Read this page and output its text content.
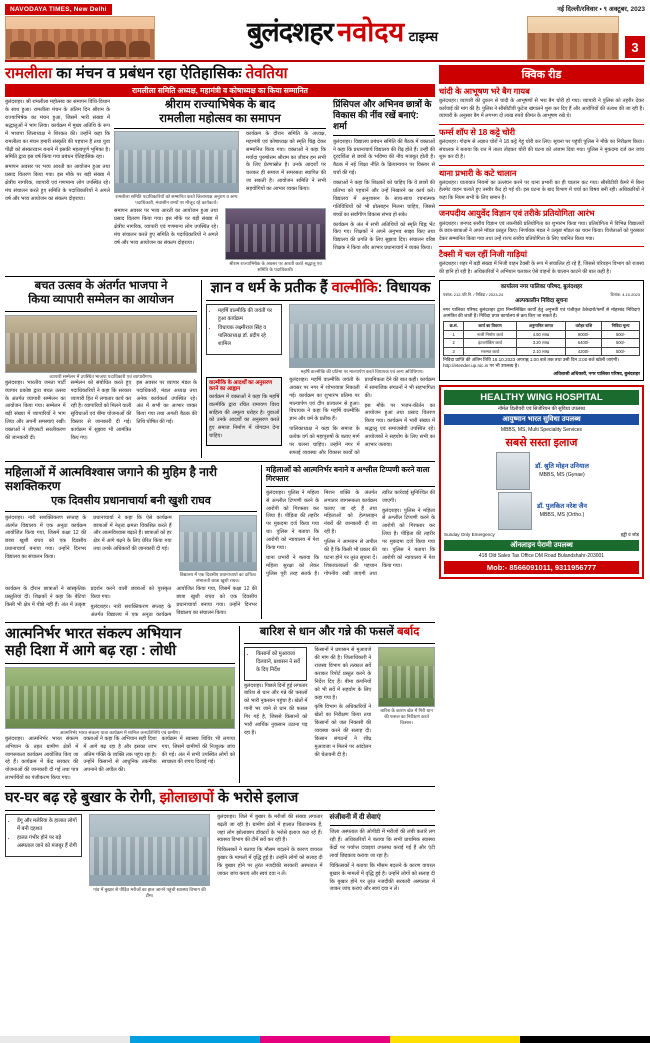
NAVODAYA TIMES, New Delhi	नई दिल्ली/रविवार • ९ अक्टूबर, 2023
बुलंदशहर नवोदय टाइम्स
3
रामलीला का मंचन व प्रबंधन रहा ऐतिहासिकः तेवतिया
रामलीला समिति अध्यक्ष, महामंत्री व कोषाध्यक्ष का किया सम्मानित

बुलंदशहर। श्री रामलीला महोत्सव का समापन विधि-विधान के साथ हुआ। रामलीला मंचन के अंतिम दिन श्रीराम के राज्याभिषेक का मंचन हुआ, जिसमें भारी संख्या में श्रद्धालुओं ने भाग लिया। कार्यक्रम में मुख्य अतिथि के रूप में भाजपा जिलाध्यक्ष ने शिरकत की। उन्होंने कहा कि रामलीला का मंचन हमारी संस्कृति की पहचान है तथा युवा पीढ़ी को संस्कारवान बनाने में इसकी महत्वपूर्ण भूमिका है। समिति द्वारा इस वर्ष किया गया प्रबंधन ऐतिहासिक रहा।

समापन अवसर पर भव्य आरती का आयोजन हुआ तथा प्रसाद वितरण किया गया। इस मौके पर बड़ी संख्या में क्षेत्रीय नागरिक, व्यापारी एवं गणमान्य लोग उपस्थित रहे। मंच संचालन करते हुए समिति के पदाधिकारियों ने अगले वर्ष और भव्य आयोजन का संकल्प दोहराया।

श्रीराम राज्याभिषेक के बाद
रामलीला महोत्सव का समापन
रामलीला समिति पदाधिकारियों को सम्मानित करते जिलाध्यक्ष अनुराग व अन्य पदाधिकारी, मंचासीन राम्यों पर मौजूद रहे कार्यकर्ता।

कार्यक्रम के दौरान समिति के अध्यक्ष, महामंत्री एवं कोषाध्यक्ष को स्मृति चिह्न देकर सम्मानित किया गया। वक्ताओं ने कहा कि मर्यादा पुरुषोत्तम श्रीराम का जीवन हम सभी के लिए प्रेरणास्रोत है। उनके आदर्शों पर चलकर ही समाज में समरसता स्थापित की जा सकती है। आयोजन समिति ने सभी सहयोगियों का आभार व्यक्त किया।

समापन अवसर पर भव्य आरती का आयोजन हुआ तथा प्रसाद वितरण किया गया। इस मौके पर बड़ी संख्या में क्षेत्रीय नागरिक, व्यापारी एवं गणमान्य लोग उपस्थित रहे। मंच संचालन करते हुए समिति के पदाधिकारियों ने अगले वर्ष और भव्य आयोजन का संकल्प दोहराया।

श्रीराम राज्याभिषेक के अवसर पर आरती करते श्रद्धालु एवं समिति के पदाधिकारी।
प्रिंसिपल और अभिनव छात्रों के विकास की नींव रखें बनाएं: शर्मा

बुलंदशहर। विद्यालय प्रबंधन समिति की बैठक में वक्ताओं ने कहा कि प्रधानाचार्य विद्यालय की रीढ़ होते हैं। उन्हीं की दूरदर्शिता से छात्रों के भविष्य की नींव मजबूत होती है। बैठक में नई शिक्षा नीति के क्रियान्वयन पर विस्तार से चर्चा की गई।

वक्ताओं ने कहा कि शिक्षकों को चाहिए कि वे छात्रों की प्रतिभा को पहचानें और उन्हें निखारने का कार्य करें। विद्यालय में अनुशासन के साथ-साथ रचनात्मक गतिविधियों को भी प्रोत्साहन मिलना चाहिए, जिससे बच्चों का सर्वांगीण विकास संभव हो सके।

कार्यक्रम के अंत में सभी अतिथियों को स्मृति चिह्न भेंट किए गए। शिक्षकों ने अपने अनुभव साझा किए तथा विद्यालय की प्रगति के लिए सुझाव दिए। संचालन वरिष्ठ शिक्षक ने किया और आभार प्रधानाचार्य ने व्यक्त किया।

बचत उत्सव के अंतर्गत भाजपा ने
किया व्यापारी सम्मेलन का आयोजन
व्यापारी सम्मेलन में उपस्थित भाजपा पदाधिकारी एवं व्यापारीगण।

बुलंदशहर। भारतीय जनता पार्टी व्यापार प्रकोष्ठ द्वारा बचत उत्सव के अंतर्गत व्यापारी सम्मेलन का आयोजन किया गया। सम्मेलन में बड़ी संख्या में व्यापारियों ने भाग लिया और अपनी समस्याएं रखीं। वक्ताओं ने जीएसटी सरलीकरण की जानकारी दी।

सम्मेलन को संबोधित करते हुए पदाधिकारियों ने कहा कि सरकार व्यापारी हित में लगातार कार्य कर रही है। व्यापारियों को मिलने वाली सुविधाओं एवं बीमा योजनाओं की विस्तार से जानकारी दी गई। कार्यक्रम में सुझाव भी आमंत्रित किए गए।

इस अवसर पर व्यापार मंडल के पदाधिकारी, मंडल अध्यक्ष तथा अनेक कार्यकर्ता उपस्थित रहे। अंत में सभी का आभार व्यक्त किया गया तथा अगली बैठक की तिथि घोषित की गई।

ज्ञान व धर्म के प्रतीक हैं वाल्मीकि: विधायक
• महर्षि वाल्मीकि की जयंती पर हुआ कार्यक्रम
• विधायक लक्ष्मीराज सिंह व पालिकाध्यक्ष डॉ. प्रदीप रहे शामिल
महर्षि वाल्मीकि की प्रतिमा पर माल्यार्पण करते विधायक एवं अन्य अतिथिगण।
वाल्मीकि के आदर्शों का अनुसरण करने का आह्वान

कार्यक्रम में वक्ताओं ने कहा कि महर्षि वाल्मीकि द्वारा रचित रामायण विश्व साहित्य की अमूल्य धरोहर है। युवाओं को उनके आदर्शों का अनुसरण करते हुए समाज निर्माण में योगदान देना चाहिए।

बुलंदशहर। महर्षि वाल्मीकि जयंती के अवसर पर नगर में शोभायात्रा निकाली गई। कार्यक्रम का शुभारंभ प्रतिमा पर माल्यार्पण एवं दीप प्रज्वलन से हुआ। विधायक ने कहा कि महर्षि वाल्मीकि ज्ञान और धर्म के प्रतीक हैं।

पालिकाध्यक्ष ने कहा कि समाज के प्रत्येक वर्ग को महापुरुषों के बताए मार्ग पर चलना चाहिए। उन्होंने नगर में सफाई व्यवस्था और विकास कार्यों को प्राथमिकता देने की बात कही। कार्यक्रम में सामाजिक संगठनों ने भी सहभागिता की।

इस मौके पर भजन-कीर्तन का आयोजन हुआ तथा प्रसाद वितरण किया गया। कार्यक्रम में भारी संख्या में श्रद्धालु एवं समाजसेवी उपस्थित रहे। आयोजकों ने सहयोग के लिए सभी का आभार जताया।

महिलाओं में आत्मविश्वास जगाने की मुहिम है नारी सशक्तिकरण
एक दिवसीय प्रधानाचार्या बनी खुशी राघव

बुलंदशहर। नारी सशक्तिकरण सप्ताह के अंतर्गत विद्यालय में एक अनूठा कार्यक्रम आयोजित किया गया, जिसमें कक्षा 12 की छात्रा खुशी राघव को एक दिवसीय प्रधानाचार्या बनाया गया। उन्होंने दिनभर विद्यालय का संचालन किया।

प्रधानाचार्या ने कहा कि ऐसे कार्यक्रम छात्राओं में नेतृत्व क्षमता विकसित करते हैं और आत्मविश्वास बढ़ाते हैं। छात्राओं को हर क्षेत्र में आगे बढ़ने के लिए प्रेरित किया गया तथा उनके अधिकारों की जानकारी दी गई।

विद्यालय में एक दिवसीय प्रधानाचार्या का दायित्व संभालती छात्रा खुशी राघव।

कार्यक्रम के दौरान छात्राओं ने सांस्कृतिक प्रस्तुतियां दीं। शिक्षकों ने कहा कि बेटियां किसी भी क्षेत्र में पीछे नहीं हैं। अंत में उत्कृष्ट प्रदर्शन करने वाली छात्राओं को पुरस्कृत किया गया।

बुलंदशहर। नारी सशक्तिकरण सप्ताह के अंतर्गत विद्यालय में एक अनूठा कार्यक्रम आयोजित किया गया, जिसमें कक्षा 12 की छात्रा खुशी राघव को एक दिवसीय प्रधानाचार्या बनाया गया। उन्होंने दिनभर विद्यालय का संचालन किया।

महिलाओं को आत्मनिर्भर बनाने व अश्लील टिप्पणी करने वाला गिरफ्तार

बुलंदशहर। पुलिस ने महिला से अश्लील टिप्पणी करने के आरोपी को गिरफ्तार कर लिया है। पीड़िता की तहरीर पर मुकदमा दर्ज किया गया था। पुलिस ने बताया कि आरोपी को न्यायालय में पेश किया गया।

थाना प्रभारी ने बताया कि महिला सुरक्षा को लेकर पुलिस पूरी तरह सतर्क है। मिशन शक्ति के अंतर्गत लगातार जागरूकता कार्यक्रम चलाए जा रहे हैं तथा महिलाओं को हेल्पलाइन नंबरों की जानकारी दी जा रही है।

पुलिस ने आमजन से अपील की है कि किसी भी प्रकार की घटना होने पर तुरंत सूचना दें। शिकायतकर्ता की पहचान गोपनीय रखी जाएगी तथा त्वरित कार्रवाई सुनिश्चित की जाएगी।

बुलंदशहर। पुलिस ने महिला से अश्लील टिप्पणी करने के आरोपी को गिरफ्तार कर लिया है। पीड़िता की तहरीर पर मुकदमा दर्ज किया गया था। पुलिस ने बताया कि आरोपी को न्यायालय में पेश किया गया।

आत्मनिर्भर भारत संकल्प अभियान
सही दिशा में आगे बढ़ रहा : लोधी
आत्मनिर्भर भारत संकल्प यात्रा कार्यक्रम में शामिल जनप्रतिनिधि एवं ग्रामीण।

बुलंदशहर। आत्मनिर्भर भारत संकल्प अभियान के तहत ग्रामीण क्षेत्रों में जागरूकता कार्यक्रम आयोजित किए जा रहे हैं। कार्यक्रम में केंद्र सरकार की योजनाओं की जानकारी दी गई तथा पात्र लाभार्थियों का पंजीकरण किया गया।

वक्ताओं ने कहा कि अभियान सही दिशा में आगे बढ़ रहा है और इसका लाभ अंतिम पंक्ति के व्यक्ति तक पहुंच रहा है। उन्होंने किसानों से आधुनिक तकनीक अपनाने की अपील की।

कार्यक्रम में स्वास्थ्य शिविर भी लगाया गया, जिसमें ग्रामीणों की निःशुल्क जांच की गई। अंत में सभी उपस्थित लोगों को स्वच्छता की शपथ दिलाई गई।

बारिश से धान और गन्ने की फसलें बर्बाद
• किसानों को मुआवजा दिलवाने, प्रशासन ने सर्वे के दिए निर्देश

बुलंदशहर। पिछले दिनों हुई लगातार बारिश से धान और गन्ने की फसलों को भारी नुकसान पहुंचा है। खेतों में पानी भर जाने से धान की फसल गिर गई है, जिससे किसानों को भारी आर्थिक नुकसान उठाना पड़ रहा है।

किसानों ने प्रशासन से मुआवजे की मांग की है। जिलाधिकारी ने राजस्व विभाग को तत्काल सर्वे कराकर रिपोर्ट प्रस्तुत करने के निर्देश दिए हैं। बीमा कंपनियों को भी सर्वे में सहयोग के लिए कहा गया है।

कृषि विभाग के अधिकारियों ने खेतों का निरीक्षण किया तथा किसानों को जल निकासी की व्यवस्था करने की सलाह दी। किसान संगठनों ने शीघ्र मुआवजा न मिलने पर आंदोलन की चेतावनी दी है।

बारिश के कारण खेत में गिरी धान की फसल का निरीक्षण करते किसान।
घर-घर बढ़ रहे बुखार के रोगी, झोलाछापों के भरोसे इलाज
• डेंगू और मलेरिया के हालात लोगों में बनी दहशत
• हालत गंभीर होने पर बड़े अस्पताल जाने को मजबूर हैं रोगी
गांव में बुखार से पीड़ित मरीजों का हाल जानने पहुंची स्वास्थ्य विभाग की टीम।

बुलंदशहर। जिले में बुखार के मरीजों की संख्या लगातार बढ़ती जा रही है। ग्रामीण क्षेत्रों में हालात चिंताजनक हैं, जहां लोग झोलाछाप डॉक्टरों के भरोसे इलाज करा रहे हैं। स्वास्थ्य विभाग की टीमें सर्वे कर रही हैं।

चिकित्सकों ने बताया कि मौसम बदलने के कारण वायरल बुखार के मामलों में वृद्धि हुई है। उन्होंने लोगों को सलाह दी कि बुखार होने पर तुरंत नजदीकी सरकारी अस्पताल में जाकर जांच कराएं और स्वयं दवा न लें।

संजीवनी में दी सेवाएं

जिला अस्पताल की ओपीडी में मरीजों की लंबी कतारें लग रही हैं। अधिकारियों ने बताया कि सभी प्राथमिक स्वास्थ्य केंद्रों पर पर्याप्त दवाइयां उपलब्ध कराई गई हैं और एंटी लार्वा छिड़काव कराया जा रहा है।

चिकित्सकों ने बताया कि मौसम बदलने के कारण वायरल बुखार के मामलों में वृद्धि हुई है। उन्होंने लोगों को सलाह दी कि बुखार होने पर तुरंत नजदीकी सरकारी अस्पताल में जाकर जांच कराएं और स्वयं दवा न लें।

क्विक रीड
चांदी के आभूषण भरे बैग गायब
बुलंदशहर। व्यापारी की दुकान से चांदी के आभूषणों से भरा बैग चोरी हो गया। व्यापारी ने पुलिस को तहरीर देकर कार्रवाई की मांग की है। पुलिस ने सीसीटीवी फुटेज खंगालने शुरू कर दिए हैं और आरोपियों की तलाश की जा रही है। व्यापारी के अनुसार बैग में लगभग दो लाख रुपये कीमत के आभूषण रखे थे।
फर्म्स शॉप से 18 कट्टे चोरी
बुलंदशहर। गोदाम से अज्ञात चोरों ने 18 कट्टे गेहूं चोरी कर लिए। सूचना पर पहुंची पुलिस ने मौके का निरीक्षण किया। संचालक ने बताया कि रात में ताला तोड़कर चोरी की घटना को अंजाम दिया गया। पुलिस ने मुकदमा दर्ज कर जांच शुरू कर दी है।
थाना प्रभारी के कटे चालान
बुलंदशहर। यातायात नियमों का उल्लंघन करने पर थाना प्रभारी का ही चालान कट गया। सीसीटीवी कैमरे में बिना हेलमेट वाहन चलाते हुए तस्वीर कैद हो गई थी। इस घटना के बाद विभाग में चर्चा का विषय बनी रही। अधिकारियों ने कहा कि नियम सभी के लिए समान हैं।
जनपदीय आयुर्वेद विज्ञान एवं तरीके प्रतियोगिता आरंभ
बुलंदशहर। जनपद स्तरीय विज्ञान एवं तकनीकी प्रतियोगिता का शुभारंभ किया गया। प्रतियोगिता में विभिन्न विद्यालयों के छात्र-छात्राओं ने अपने मॉडल प्रस्तुत किए। निर्णायक मंडल ने उत्कृष्ट मॉडल का चयन किया। विजेताओं को पुरस्कार देकर सम्मानित किया गया तथा उन्हें राज्य स्तरीय प्रतियोगिता के लिए चयनित किया गया।
टैक्सी में चल रहीं निजी गाड़ियां
बुलंदशहर। शहर में बड़ी संख्या में निजी वाहन टैक्सी के रूप में संचालित हो रहे हैं, जिससे परिवहन विभाग को राजस्व की हानि हो रही है। अधिकारियों ने अभियान चलाकर ऐसे वाहनों के चालान काटने की बात कही है।
कार्यालय नगर पालिका परिषद, बुलंदशहर
पत्रांक: 212-परि.नि. / निविदा / 2023-24	दिनांक: 4.10.2023
अल्पकालीन निविदा सूचना
नगर पालिका परिषद बुलंदशहर द्वारा निम्नलिखित कार्यों हेतु अनुभवी एवं पंजीकृत ठेकेदारों/फर्मों से मोहरबंद निविदाएं आमंत्रित की जाती हैं। निविदा प्रपत्र कार्यालय से क्रय किए जा सकते हैं।
क्र.सं.	कार्य का विवरण	अनुमानित लागत	धरोहर राशि	निविदा मूल्य
1	नाली निर्माण कार्य	4.50 लाख	9000/-	500/-
2	इंटरलॉकिंग कार्य	3.20 लाख	6400/-	500/-
3	मरम्मत कार्य	2.10 लाख	4200/-	500/-
निविदा प्राप्ति की अंतिम तिथि 16.10.2023 अपराह्न 1:00 बजे तक तथा उसी दिन 3:00 बजे खोली जाएंगी।
http://etender.up.nic.in पर भी उपलब्ध है।
अधिशासी अधिकारी, नगर पालिका परिषद, बुलंदशहर
HEALTHY WING HOSPITAL
नॉर्मल डिलीवरी एवं सिजेरियन की सुविधा उपलब्ध
आयुष्मान भारत सुविधा उपलब्ध
MBBS, MS, Multi Speciality Services
सबसे सस्ता इलाज
डॉ. श्रुति मोहन उनियाल
MBBS, MS (Gynae)
डॉ. पुलकित नरेश जैन
MBBS, MS (Ortho.)
Sunday Only Emergency	हड्डी व जोड़
ऑनलाइन पेरामी उपलब्ध
418 Old Sales Tax Office DM Road Bulandshahr-203001
Mob:- 8566091011, 9311956777
